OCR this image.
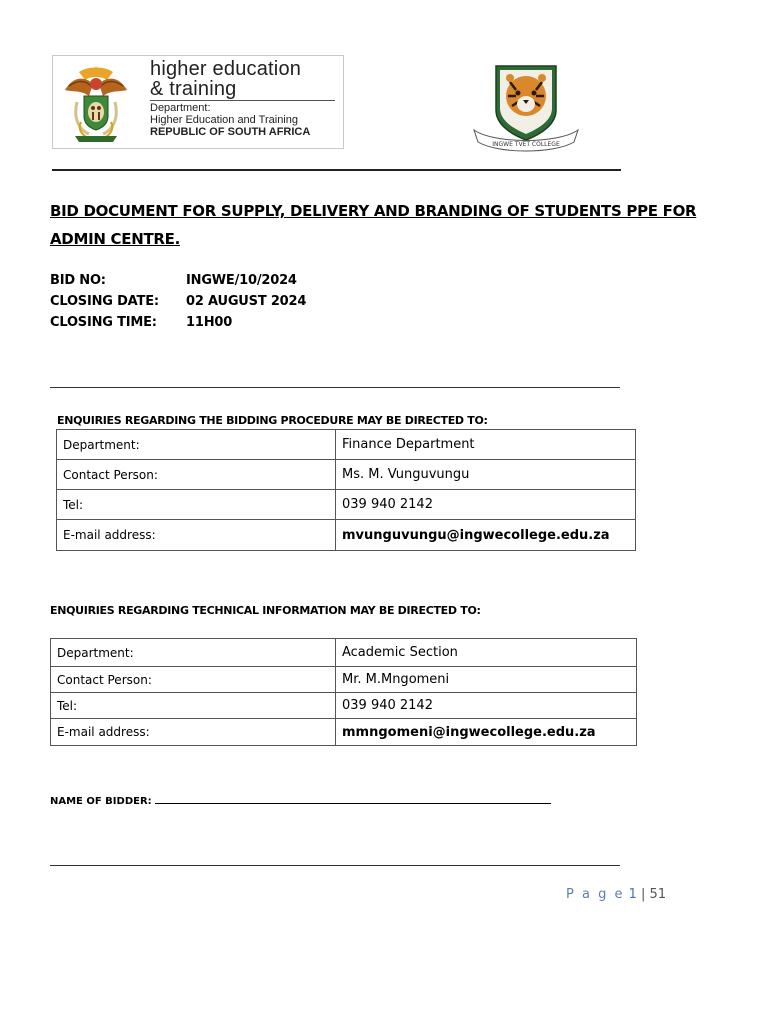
higher education
& training
Department:
Higher Education and Training
REPUBLIC OF SOUTH AFRICA
INGWE TVET COLLEGE
BID DOCUMENT FOR SUPPLY, DELIVERY AND BRANDING OF STUDENTS PPE FOR ADMIN CENTRE.
BID NO:	INGWE/10/2024
CLOSING DATE: 02 AUGUST 2024
CLOSING TIME: 11H00
ENQUIRIES REGARDING THE BIDDING PROCEDURE MAY BE DIRECTED TO:
Department:	Finance Department
Contact Person:	Ms. M. Vunguvungu
Tel:	039 940 2142
E-mail address:	mvunguvungu@ingwecollege.edu.za
ENQUIRIES REGARDING TECHNICAL INFORMATION MAY BE DIRECTED TO:
Department:	Academic Section
Contact Person:	Mr. M.Mngomeni
Tel:	039 940 2142
E-mail address:	mmngomeni@ingwecollege.edu.za
NAME OF BIDDER:
P a g e 1 | 51
